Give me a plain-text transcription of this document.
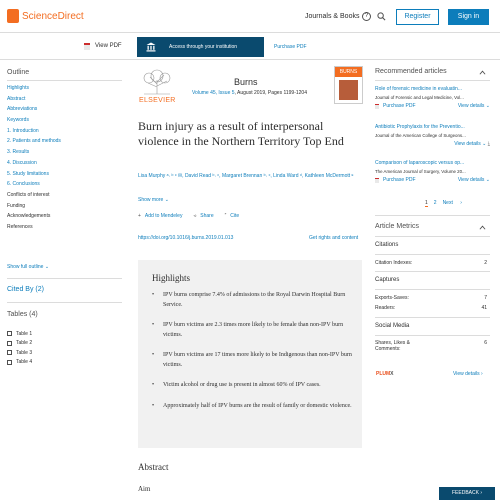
ScienceDirect	Journals & Books ?	Register	Sign in
View PDF	Access through your institution	Purchase PDF
Outline
Highlights
Abstract
Abbreviations
Keywords
1. Introduction
2. Patients and methods
3. Results
4. Discussion
5. Study limitations
6. Conclusions
Conflicts of interest
Funding
Acknowledgements
References
Show full outline ⌄
Cited By (2)
Tables (4)
Table 1
Table 2
Table 3
Table 4
ELSEVIER
Burns
Volume 45, Issue 5, August 2019, Pages 1199-1204
BURNS
Burn injury as a result of interpersonal violence in the Northern Territory Top End
Lisa Murphy ᵃ˒ ᵇ ᶜ ✉, David Read ᵇ˒ ᶜ, Margaret Brennan ᵇ˒ ᶜ, Linda Ward ᵈ, Kathleen McDermott ᵉ
Show more ⌄
+ Add to Mendeley ⪦ Share ” Cite
https://doi.org/10.1016/j.burns.2019.01.013	Get rights and content
Highlights
• IPV burns comprise 7.4% of admissions to the Royal Darwin Hospital Burn Service.
• IPV burn victims are 2.3 times more likely to be female than non-IPV burn victims.
• IPV burn victims are 17 times more likely to be Indigenous than non-IPV burn victims.
• Victim alcohol or drug use is present in almost 60% of IPV cases.
• Approximately half of IPV burns are the result of family or domestic violence.
Abstract
Aim
Recommended articles
Role of forensic medicine in evaluatin...
Journal of Forensic and Legal Medicine, Vol...
Purchase PDF	View details ⌄
Antibiotic Prophylaxis for the Preventio...
Journal of the American College of Surgeons...
View details ⌄ ⤓
Comparison of laparoscopic versus op...
The American Journal of Surgery, Volume 20...
Purchase PDF	View details ⌄
1 2 Next ›
Article Metrics
Citations
Citation Indexes:	2
Captures
Exports-Saves:	7
Readers:	41
Social Media
Shares, Likes & Comments:
6
PLUMX	View details ›
FEEDBACK ›
